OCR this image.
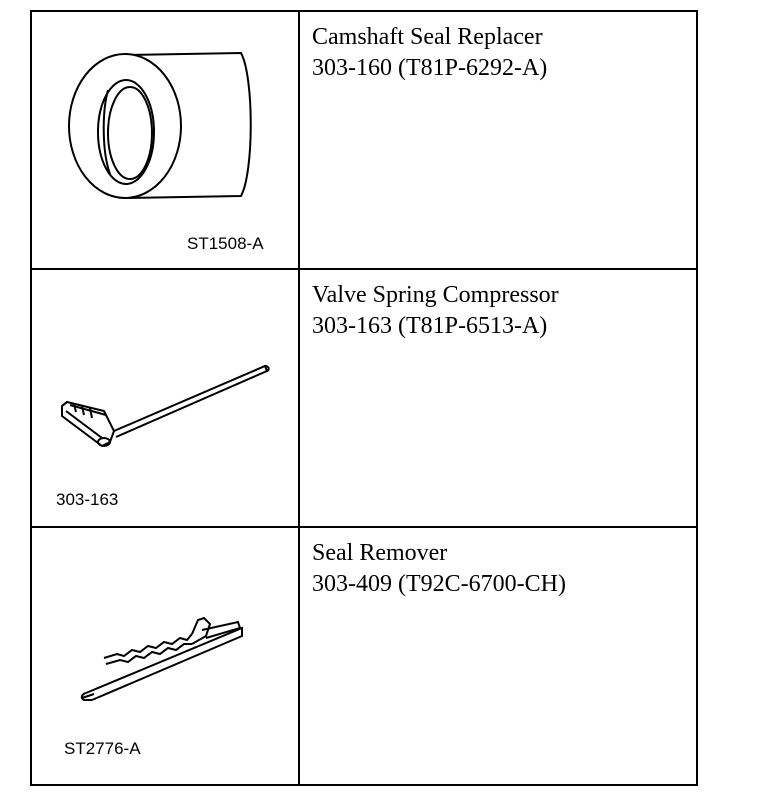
ST1508-A	Camshaft Seal Replacer
303-160 (T81P-6292-A)

303-163	Valve Spring Compressor
303-163 (T81P-6513-A)

ST2776-A	Seal Remover
303-409 (T92C-6700-CH)
